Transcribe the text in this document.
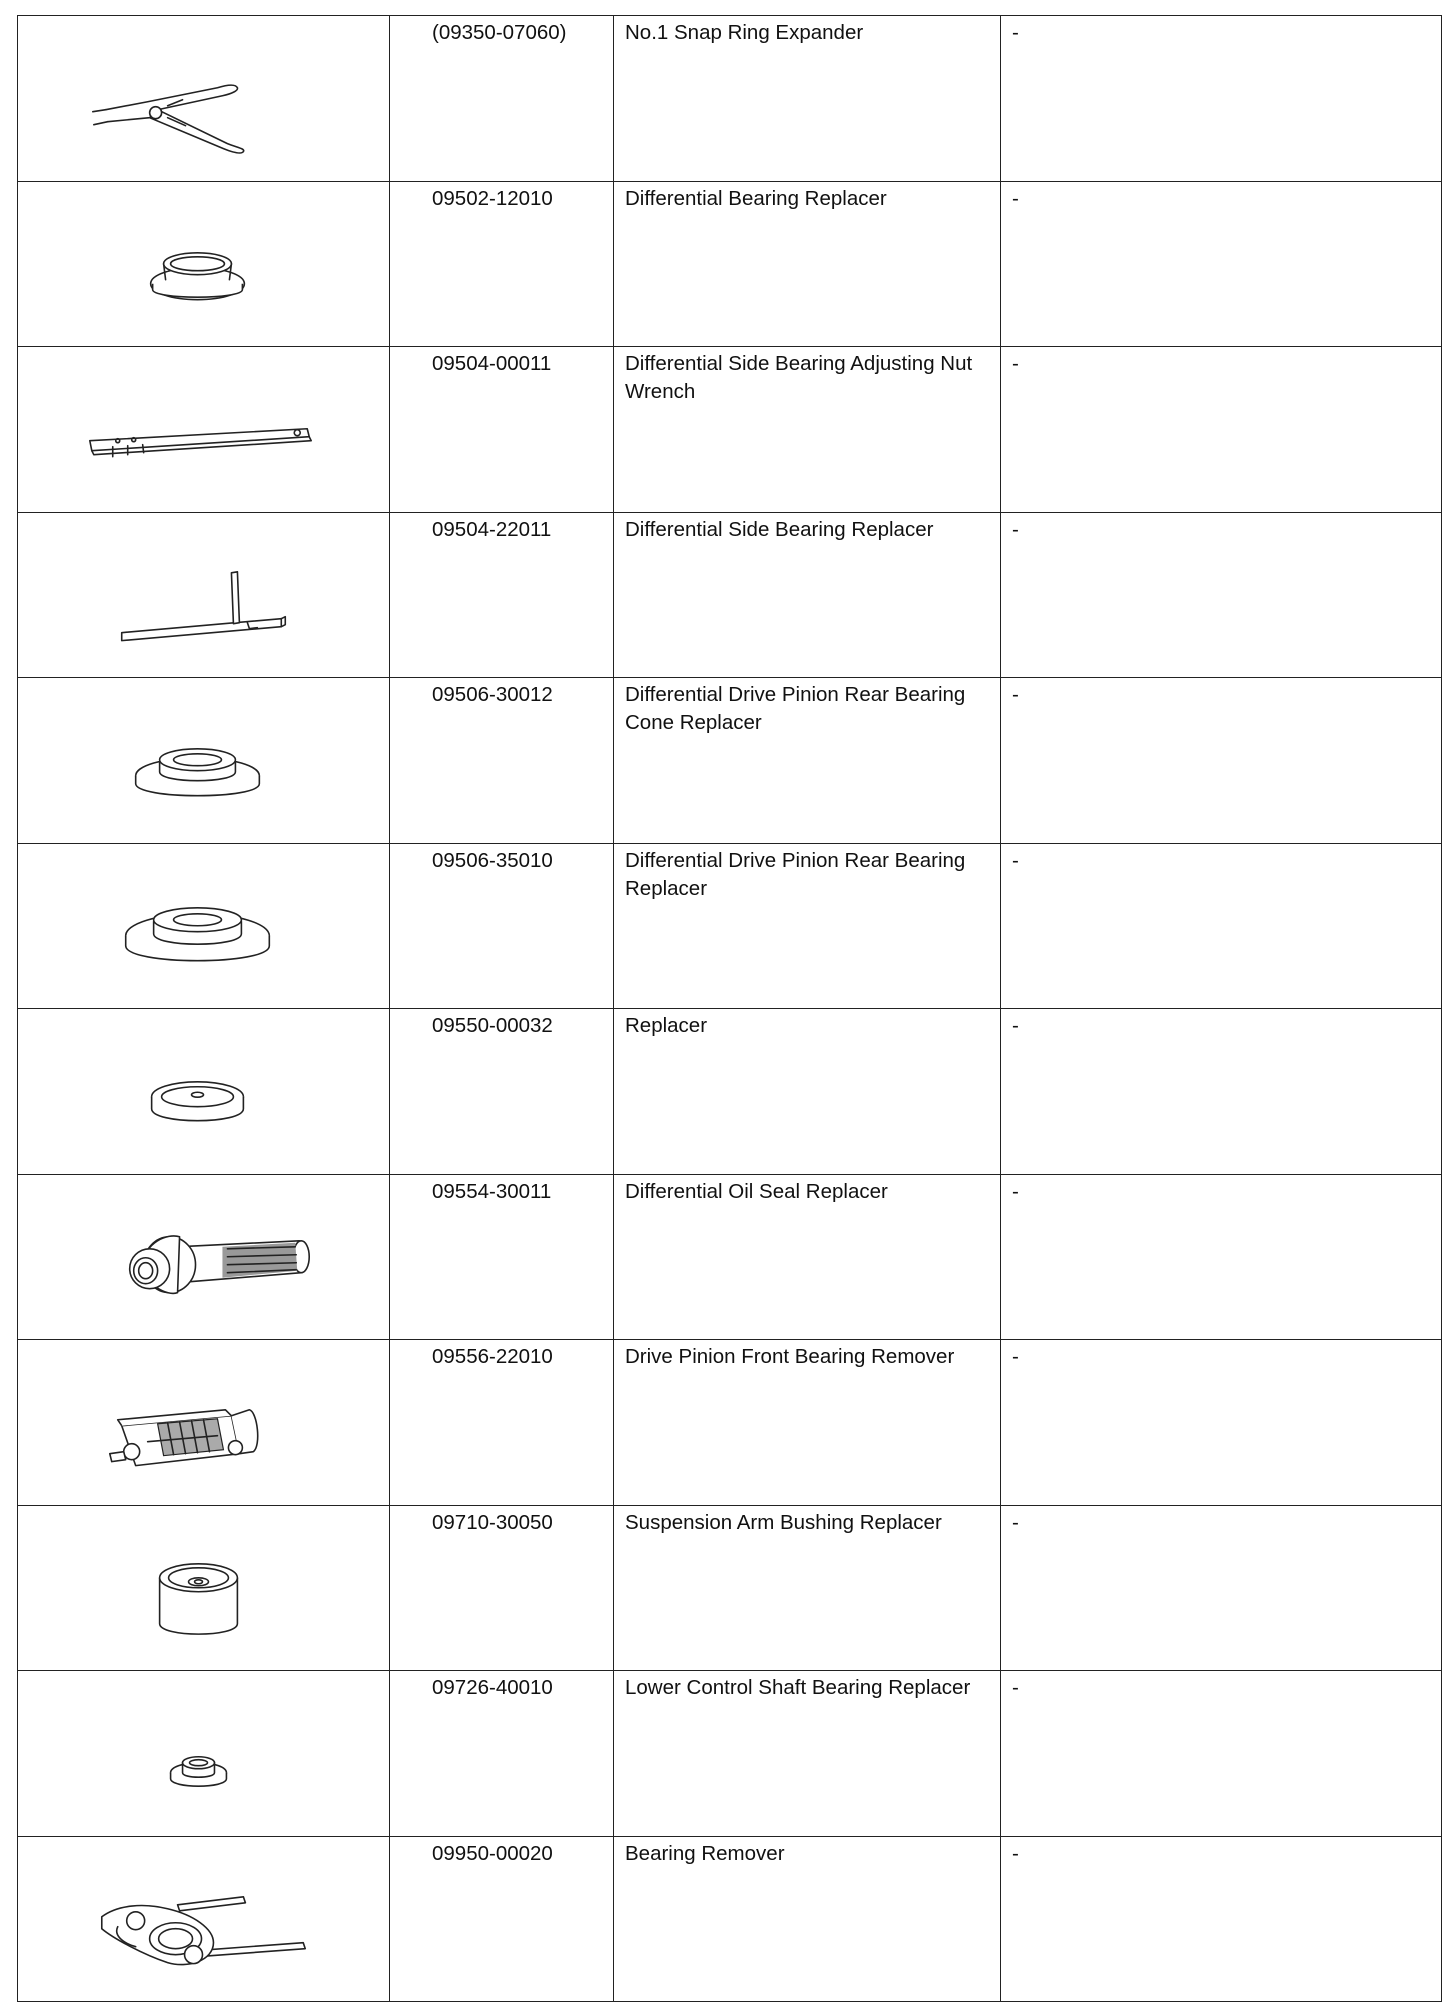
	(09350-07060)	No.1 Snap Ring Expander	-

	09502-12010	Differential Bearing Replacer	-

	09504-00011	Differential Side Bearing Adjusting Nut Wrench	-

	09504-22011	Differential Side Bearing Replacer	-

	09506-30012	Differential Drive Pinion Rear Bearing Cone Replacer	-

	09506-35010	Differential Drive Pinion Rear Bearing Replacer	-

	09550-00032	Replacer	-

	09554-30011	Differential Oil Seal Replacer	-

	09556-22010	Drive Pinion Front Bearing Remover	-

	09710-30050	Suspension Arm Bushing Replacer	-

	09726-40010	Lower Control Shaft Bearing Replacer	-

	09950-00020	Bearing Remover	-
